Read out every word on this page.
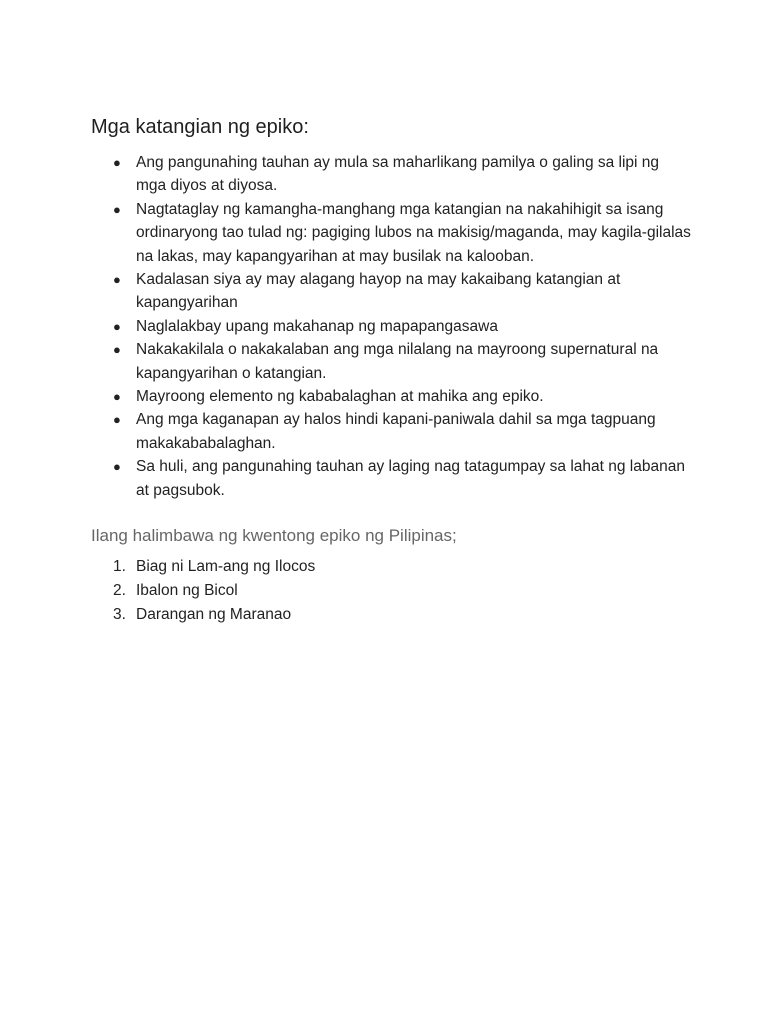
Mga katangian ng epiko:
● Ang pangunahing tauhan ay mula sa maharlikang pamilya o galing sa lipi ng mga diyos at diyosa.
● Nagtataglay ng kamangha-manghang mga katangian na nakahihigit sa isang ordinaryong tao tulad ng: pagiging lubos na makisig/maganda, may kagila-gilalas na lakas, may kapangyarihan at may busilak na kalooban.
● Kadalasan siya ay may alagang hayop na may kakaibang katangian at kapangyarihan
● Naglalakbay upang makahanap ng mapapangasawa
● Nakakakilala o nakakalaban ang mga nilalang na mayroong supernatural na kapangyarihan o katangian.
● Mayroong elemento ng kababalaghan at mahika ang epiko.
● Ang mga kaganapan ay halos hindi kapani-paniwala dahil sa mga tagpuang makakababalaghan.
● Sa huli, ang pangunahing tauhan ay laging nag tatagumpay sa lahat ng labanan at pagsubok.
Ilang halimbawa ng kwentong epiko ng Pilipinas;
1. Biag ni Lam-ang ng Ilocos
2. Ibalon ng Bicol
3. Darangan ng Maranao
